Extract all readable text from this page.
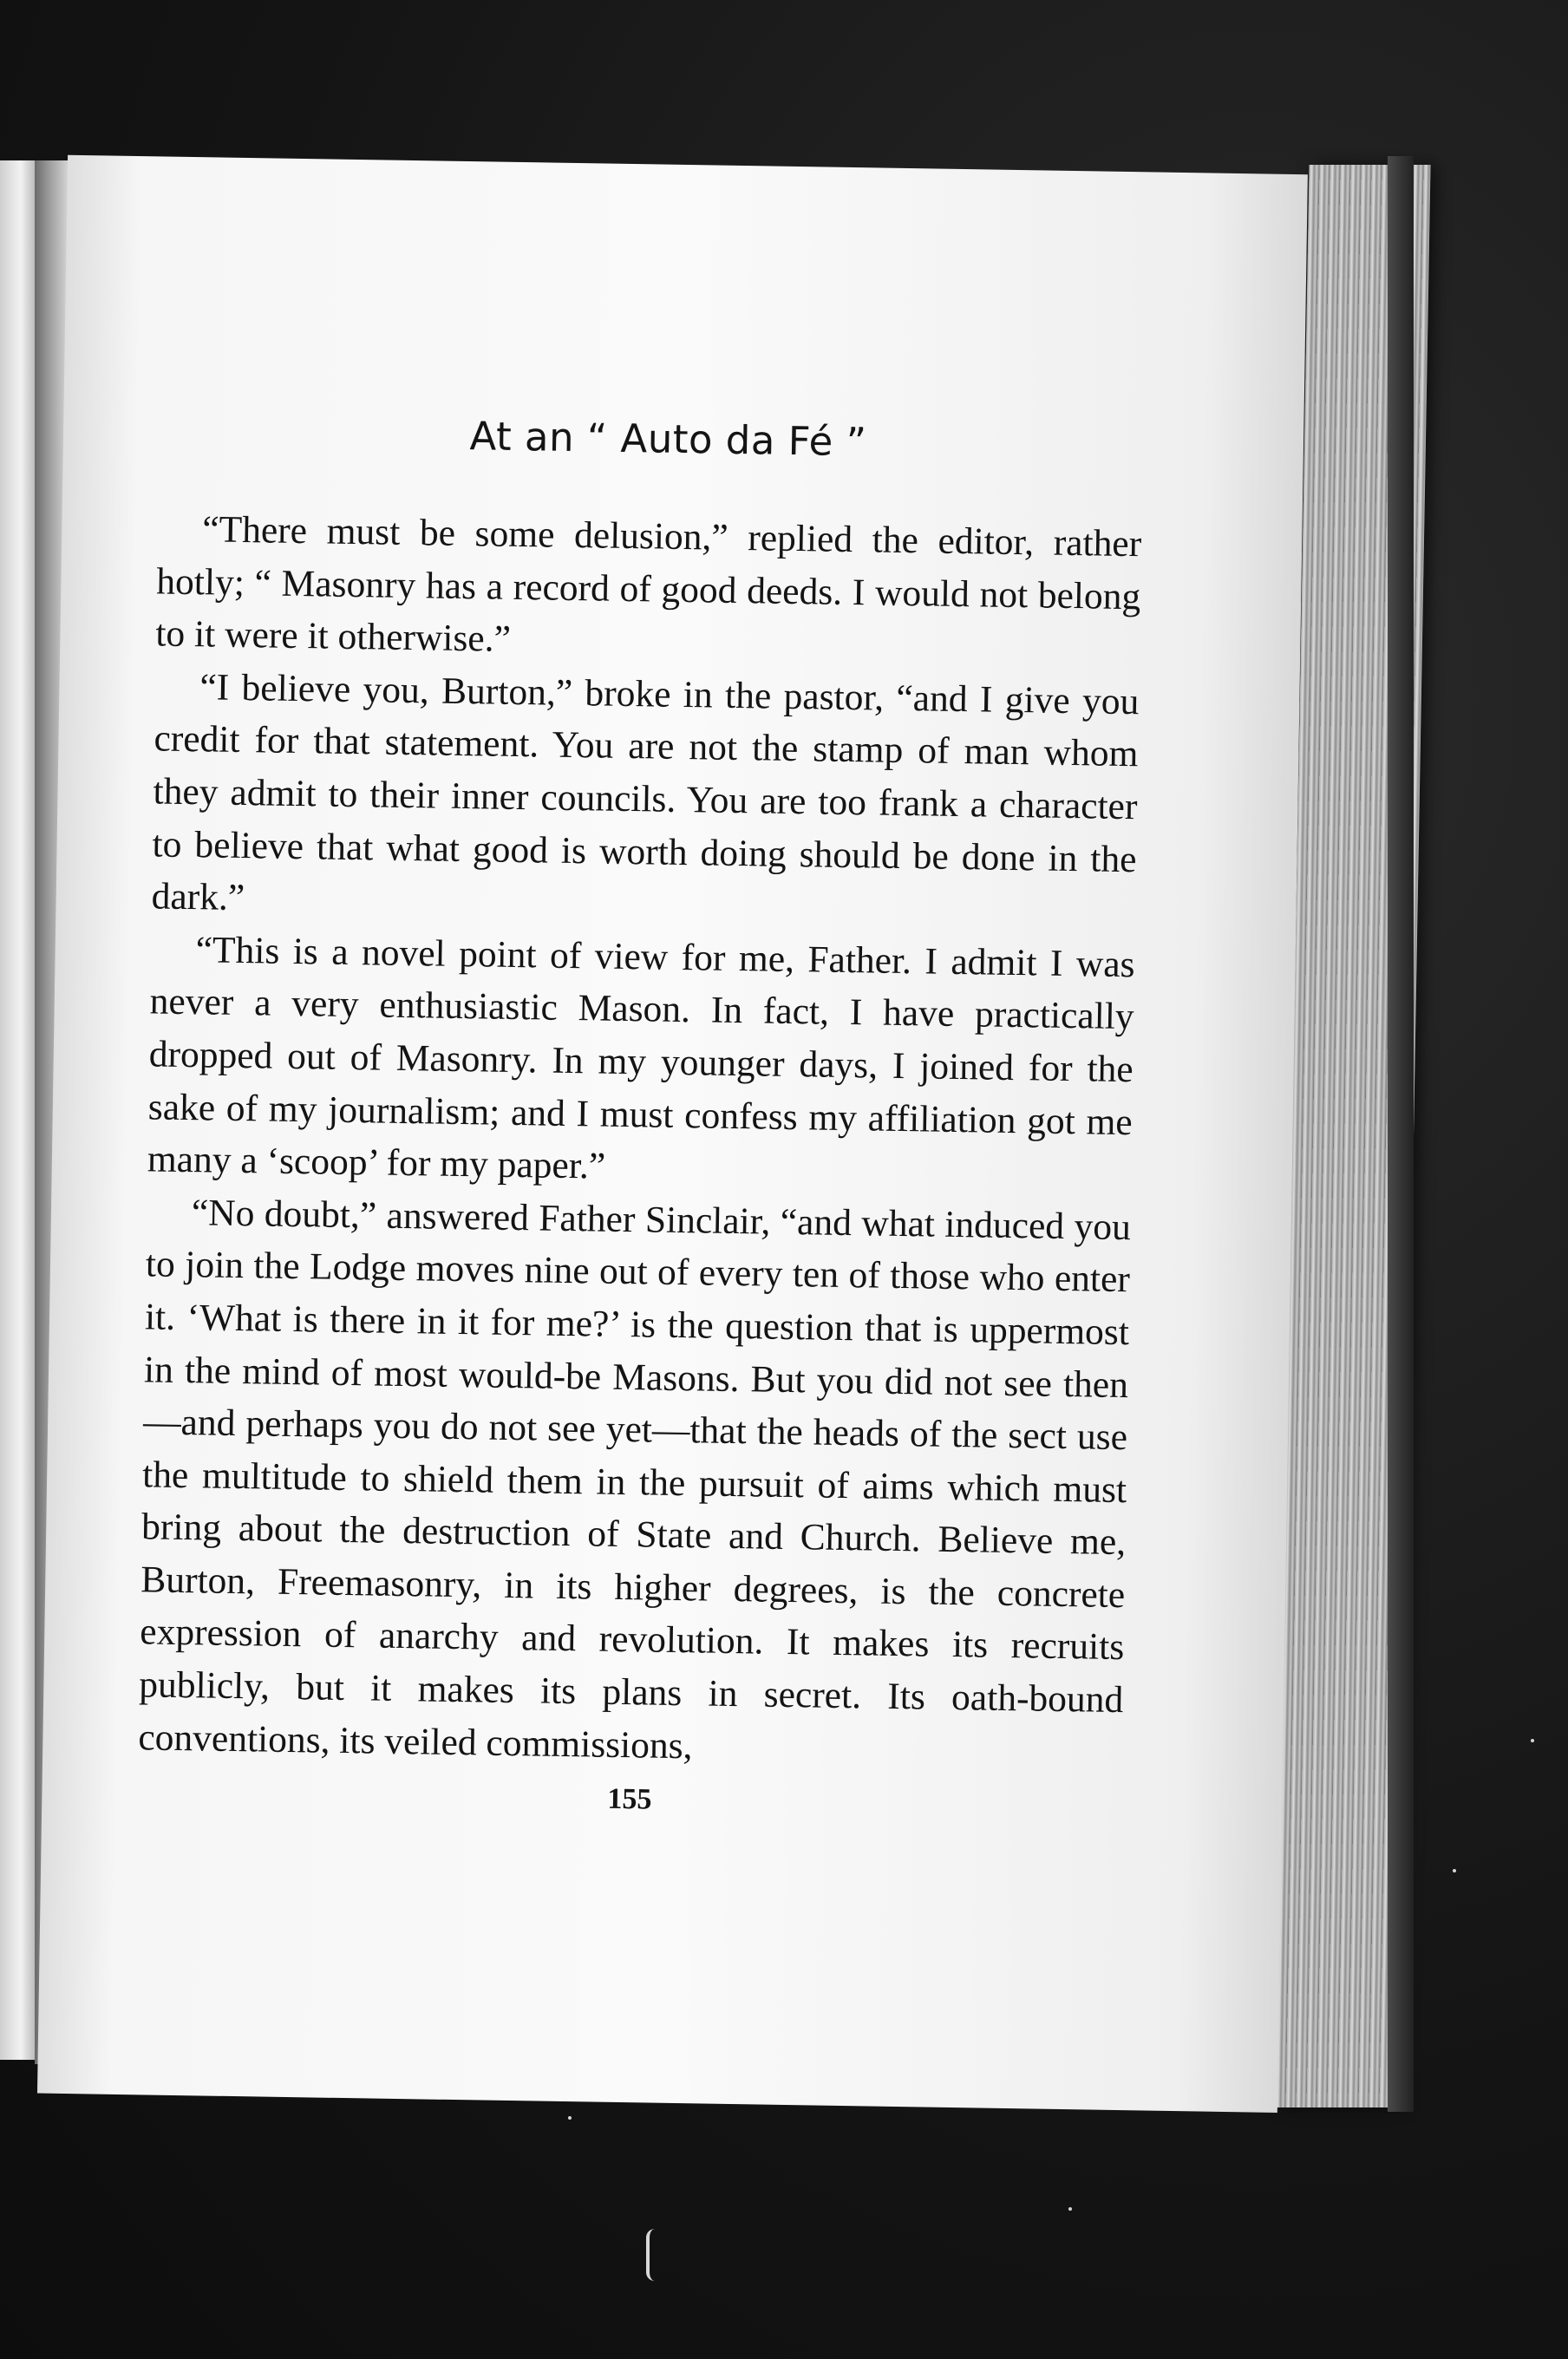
At an “ Auto da Fé ”

“There must be some delusion,” replied the editor, rather hotly; “ Masonry has a record of good deeds. I would not belong to it were it otherwise.”

“I believe you, Burton,” broke in the pastor, “and I give you credit for that statement. You are not the stamp of man whom they admit to their inner councils. You are too frank a character to believe that what good is worth doing should be done in the dark.”

“This is a novel point of view for me, Father. I admit I was never a very enthusiastic Mason. In fact, I have practically dropped out of Masonry. In my younger days, I joined for the sake of my journalism; and I must confess my affiliation got me many a ‘scoop’ for my paper.”

“No doubt,” answered Father Sinclair, “and what induced you to join the Lodge moves nine out of every ten of those who enter it. ‘What is there in it for me?’ is the question that is uppermost in the mind of most would-be Masons. But you did not see then—and perhaps you do not see yet—that the heads of the sect use the multitude to shield them in the pursuit of aims which must bring about the destruction of State and Church. Believe me, Burton, Freemasonry, in its higher degrees, is the concrete expression of anarchy and revolution. It makes its recruits publicly, but it makes its plans in secret. Its oath-bound conventions, its veiled commissions,

155
